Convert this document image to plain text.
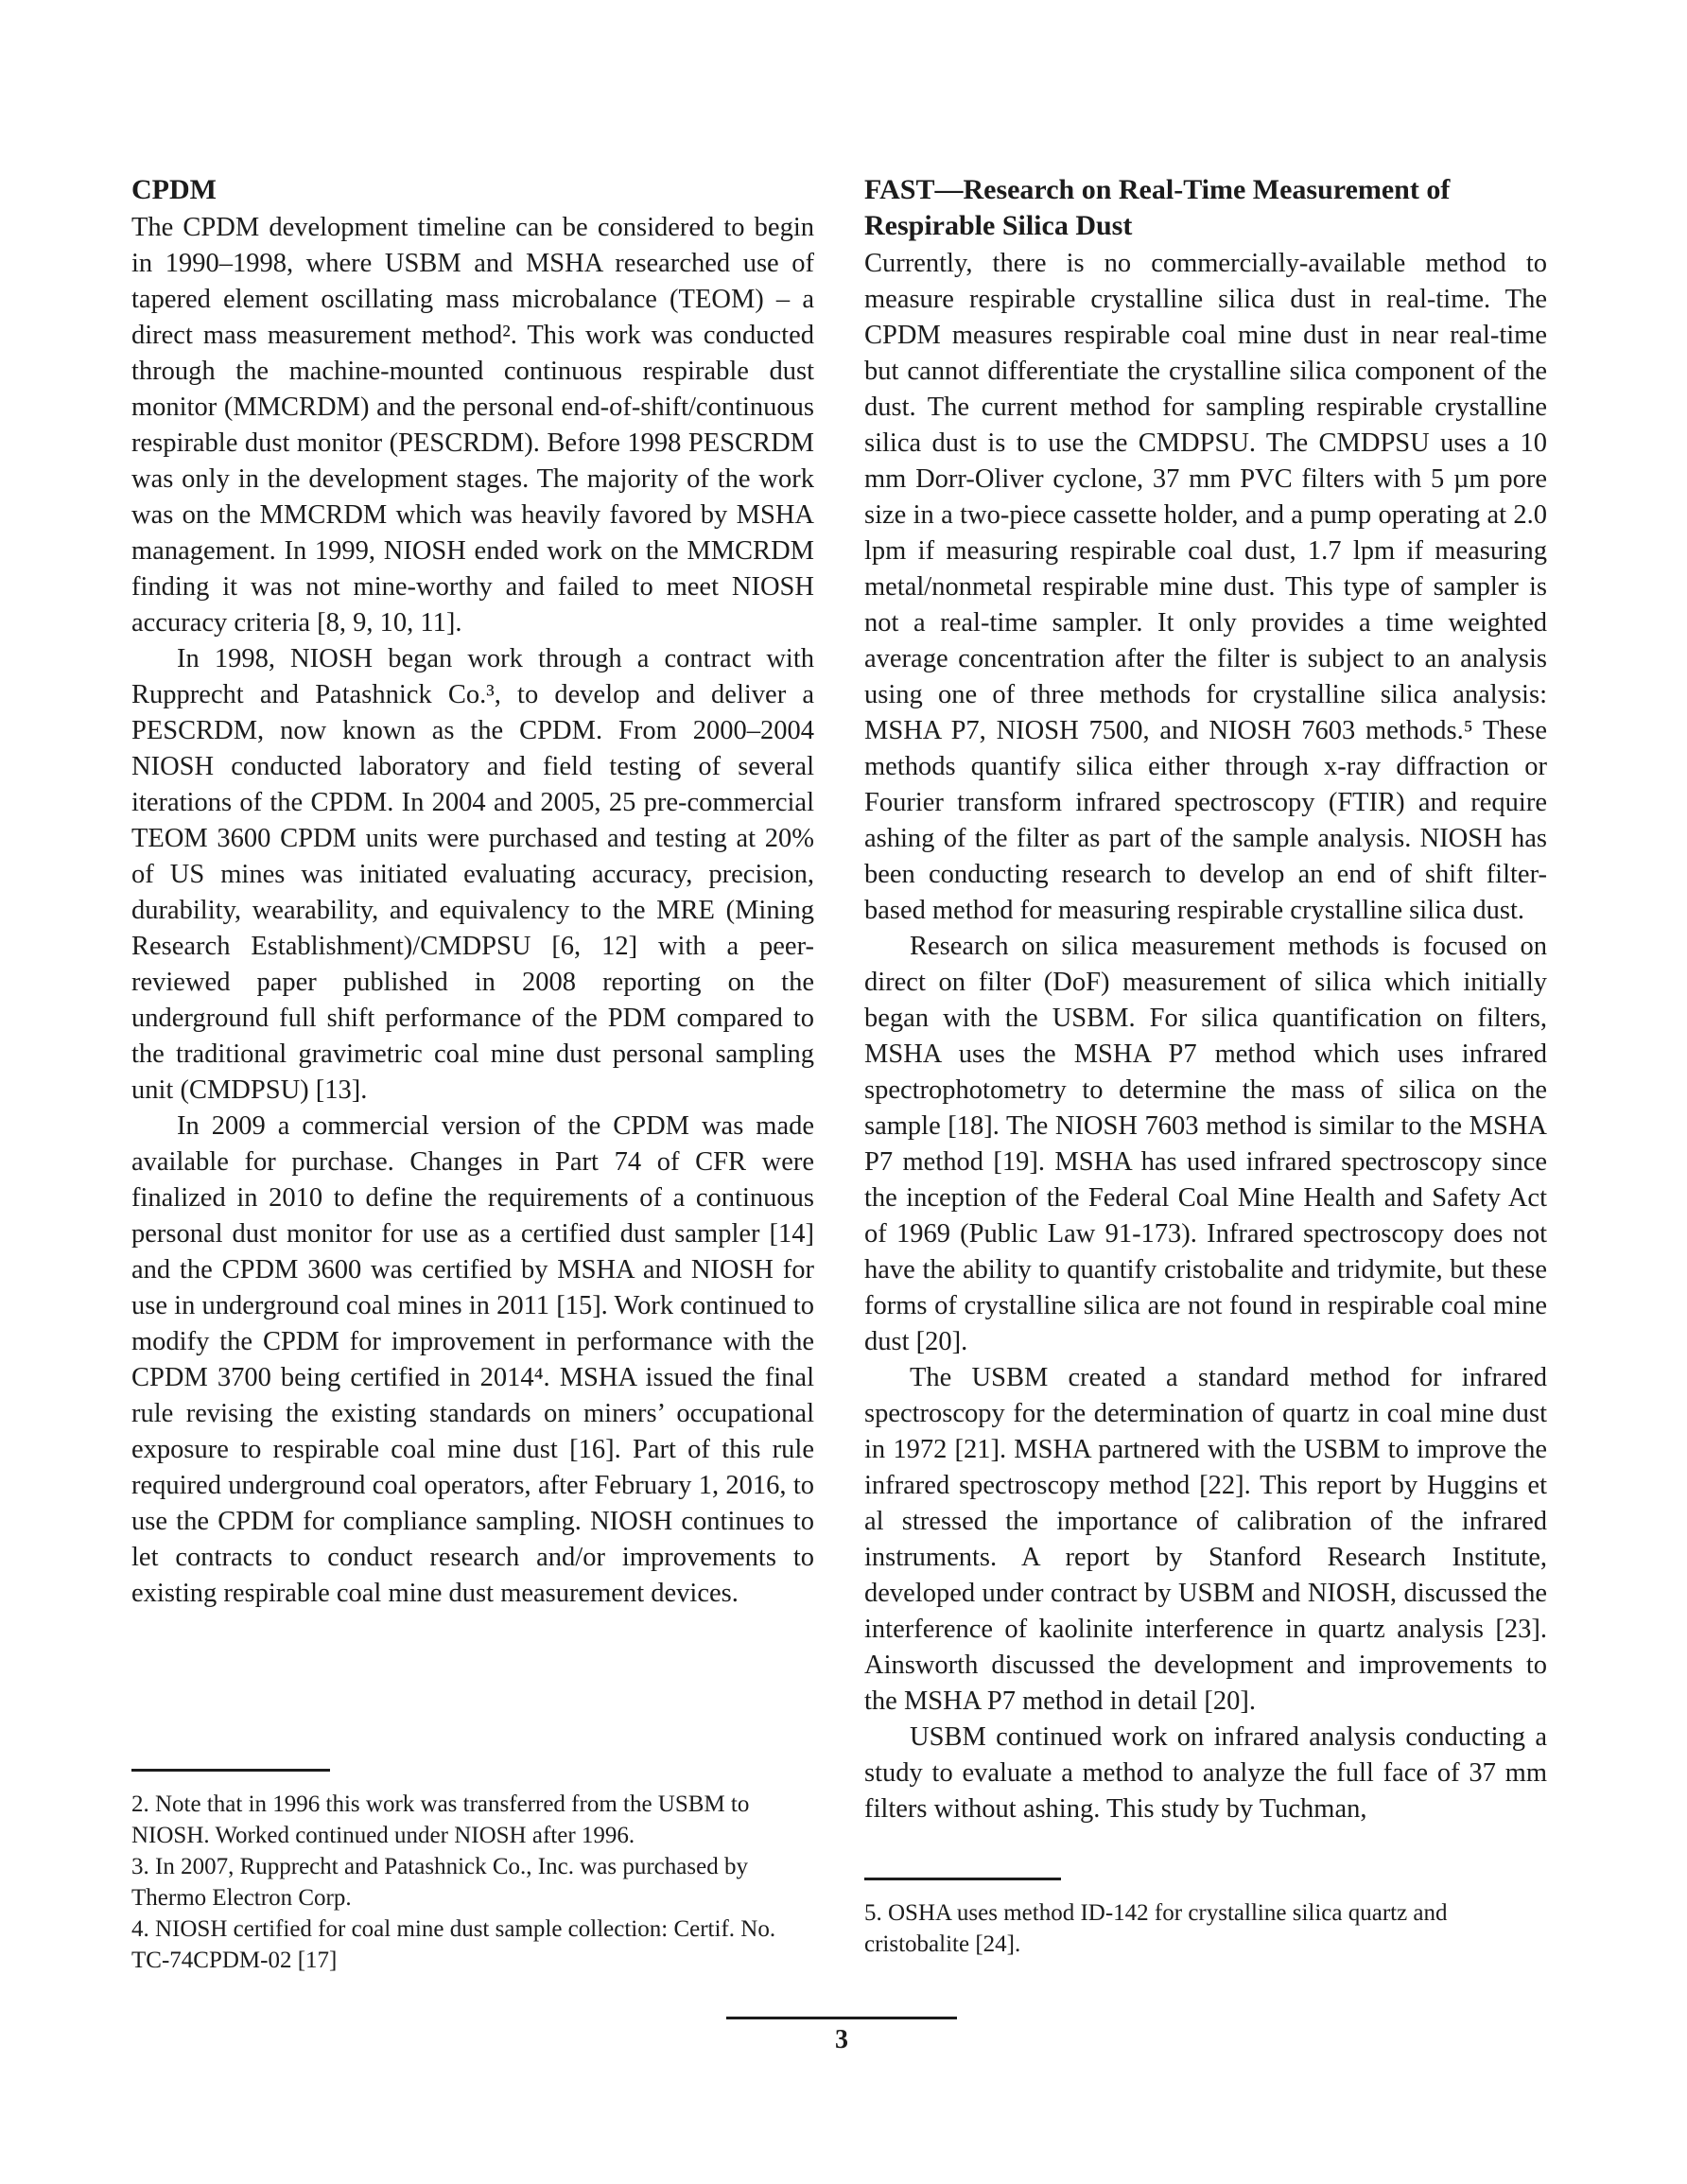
CPDM

The CPDM development timeline can be considered to begin in 1990–1998, where USBM and MSHA researched use of tapered element oscillating mass microbalance (TEOM) – a direct mass measurement method². This work was conducted through the machine-mounted continuous respirable dust monitor (MMCRDM) and the personal end-of-shift/continuous respirable dust monitor (PESCRDM). Before 1998 PESCRDM was only in the development stages. The majority of the work was on the MMCRDM which was heavily favored by MSHA management. In 1999, NIOSH ended work on the MMCRDM finding it was not mine-worthy and failed to meet NIOSH accuracy criteria [8, 9, 10, 11].

In 1998, NIOSH began work through a contract with Rupprecht and Patashnick Co.³, to develop and deliver a PESCRDM, now known as the CPDM. From 2000–2004 NIOSH conducted laboratory and field testing of several iterations of the CPDM. In 2004 and 2005, 25 pre-commercial TEOM 3600 CPDM units were purchased and testing at 20% of US mines was initiated evaluating accuracy, precision, durability, wearability, and equivalency to the MRE (Mining Research Establishment)/CMDPSU [6, 12] with a peer-reviewed paper published in 2008 reporting on the underground full shift performance of the PDM compared to the traditional gravimetric coal mine dust personal sampling unit (CMDPSU) [13].

In 2009 a commercial version of the CPDM was made available for purchase. Changes in Part 74 of CFR were finalized in 2010 to define the requirements of a continuous personal dust monitor for use as a certified dust sampler [14] and the CPDM 3600 was certified by MSHA and NIOSH for use in underground coal mines in 2011 [15]. Work continued to modify the CPDM for improvement in performance with the CPDM 3700 being certified in 2014⁴. MSHA issued the final rule revising the existing standards on miners’ occupational exposure to respirable coal mine dust [16]. Part of this rule required underground coal operators, after February 1, 2016, to use the CPDM for compliance sampling. NIOSH continues to let contracts to conduct research and/or improvements to existing respirable coal mine dust measurement devices.

FAST—Research on Real-Time Measurement of Respirable Silica Dust

Currently, there is no commercially-available method to measure respirable crystalline silica dust in real-time. The CPDM measures respirable coal mine dust in near real-time but cannot differentiate the crystalline silica component of the dust. The current method for sampling respirable crystalline silica dust is to use the CMDPSU. The CMDPSU uses a 10 mm Dorr-Oliver cyclone, 37 mm PVC filters with 5 µm pore size in a two-piece cassette holder, and a pump operating at 2.0 lpm if measuring respirable coal dust, 1.7 lpm if measuring metal/nonmetal respirable mine dust. This type of sampler is not a real-time sampler. It only provides a time weighted average concentration after the filter is subject to an analysis using one of three methods for crystalline silica analysis: MSHA P7, NIOSH 7500, and NIOSH 7603 methods.⁵ These methods quantify silica either through x-ray diffraction or Fourier transform infrared spectroscopy (FTIR) and require ashing of the filter as part of the sample analysis. NIOSH has been conducting research to develop an end of shift filter-based method for measuring respirable crystalline silica dust.

Research on silica measurement methods is focused on direct on filter (DoF) measurement of silica which initially began with the USBM. For silica quantification on filters, MSHA uses the MSHA P7 method which uses infrared spectrophotometry to determine the mass of silica on the sample [18]. The NIOSH 7603 method is similar to the MSHA P7 method [19]. MSHA has used infrared spectroscopy since the inception of the Federal Coal Mine Health and Safety Act of 1969 (Public Law 91-173). Infrared spectroscopy does not have the ability to quantify cristobalite and tridymite, but these forms of crystalline silica are not found in respirable coal mine dust [20].

The USBM created a standard method for infrared spectroscopy for the determination of quartz in coal mine dust in 1972 [21]. MSHA partnered with the USBM to improve the infrared spectroscopy method [22]. This report by Huggins et al stressed the importance of calibration of the infrared instruments. A report by Stanford Research Institute, developed under contract by USBM and NIOSH, discussed the interference of kaolinite interference in quartz analysis [23]. Ainsworth discussed the development and improvements to the MSHA P7 method in detail [20].

USBM continued work on infrared analysis conducting a study to evaluate a method to analyze the full face of 37 mm filters without ashing. This study by Tuchman,

2. Note that in 1996 this work was transferred from the USBM to NIOSH. Worked continued under NIOSH after 1996.

3. In 2007, Rupprecht and Patashnick Co., Inc. was purchased by Thermo Electron Corp.

4. NIOSH certified for coal mine dust sample collection: Certif. No. TC-74CPDM-02 [17]

5. OSHA uses method ID-142 for crystalline silica quartz and cristobalite [24].

3
